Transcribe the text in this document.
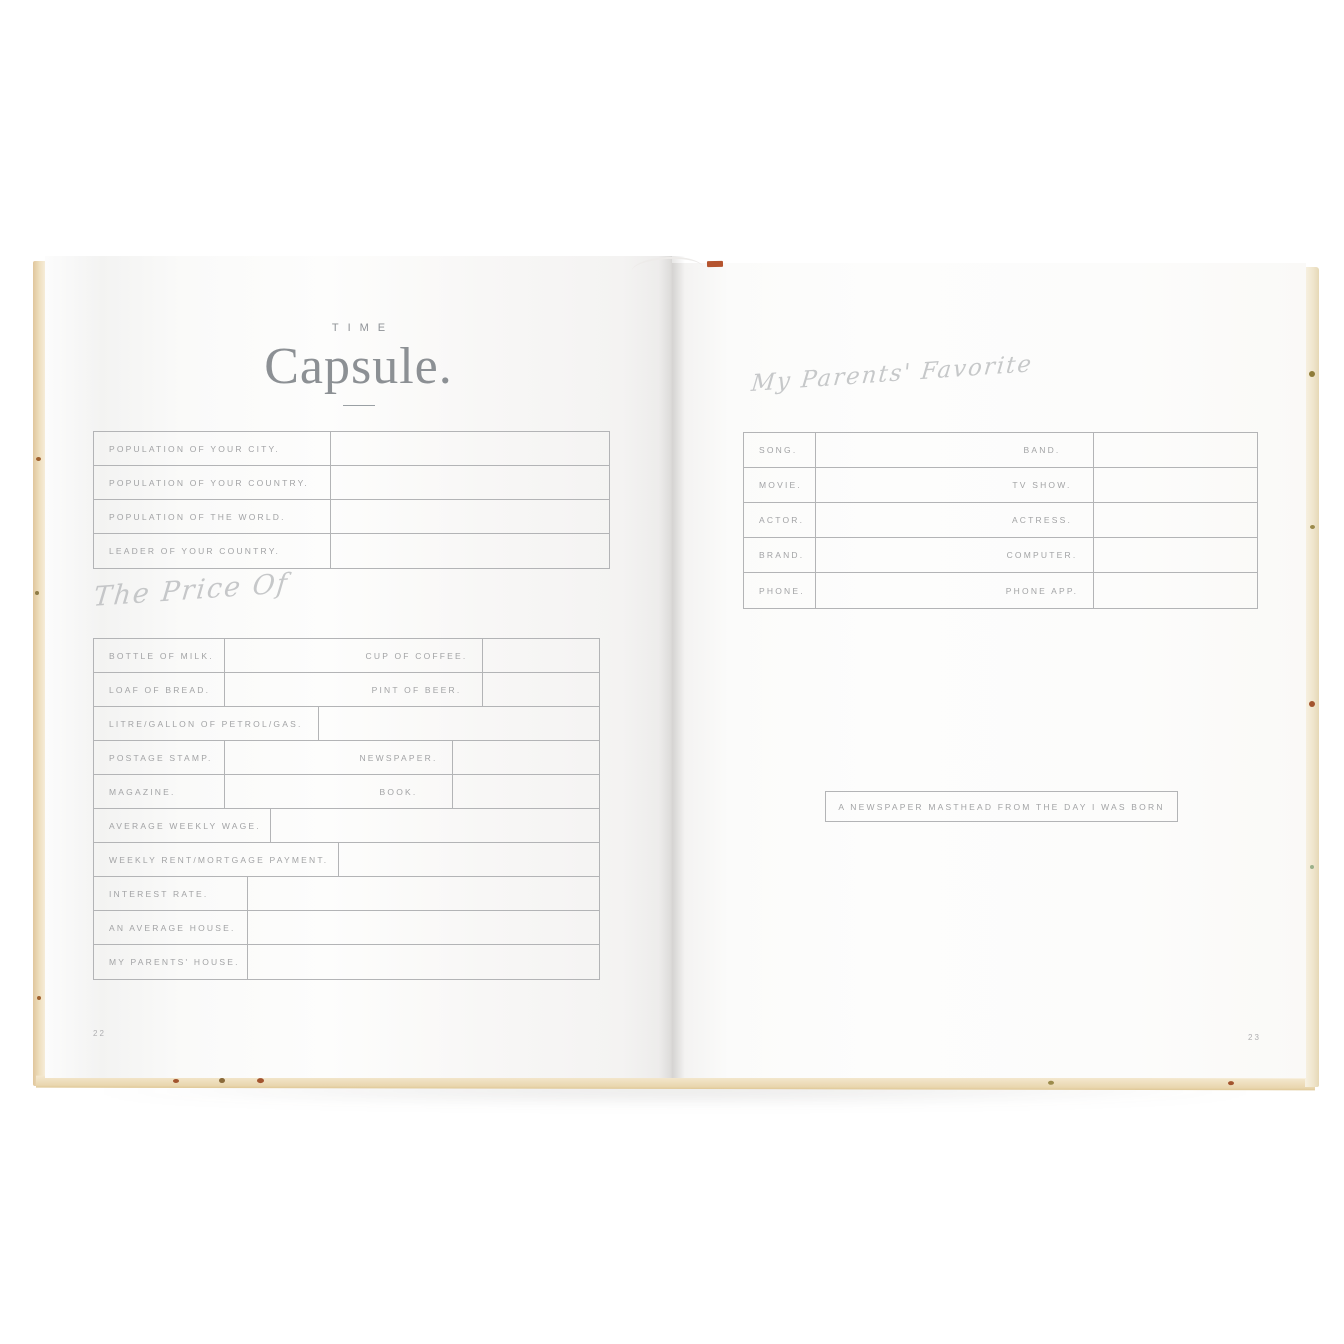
TIME
Capsule.
POPULATION OF YOUR CITY.
POPULATION OF YOUR COUNTRY.
POPULATION OF THE WORLD.
LEADER OF YOUR COUNTRY.
The Price Of
BOTTLE OF MILK.	CUP OF COFFEE.
LOAF OF BREAD.	PINT OF BEER.
LITRE/GALLON OF PETROL/GAS.
POSTAGE STAMP.	NEWSPAPER.
MAGAZINE.	BOOK.
AVERAGE WEEKLY WAGE.
WEEKLY RENT/MORTGAGE PAYMENT.
INTEREST RATE.
AN AVERAGE HOUSE.
MY PARENTS' HOUSE.
22
My Parents' Favorite
SONG.	BAND.
MOVIE.	TV SHOW.
ACTOR.	ACTRESS.
BRAND.	COMPUTER.
PHONE.	PHONE APP.
A NEWSPAPER MASTHEAD FROM THE DAY I WAS BORN
23
